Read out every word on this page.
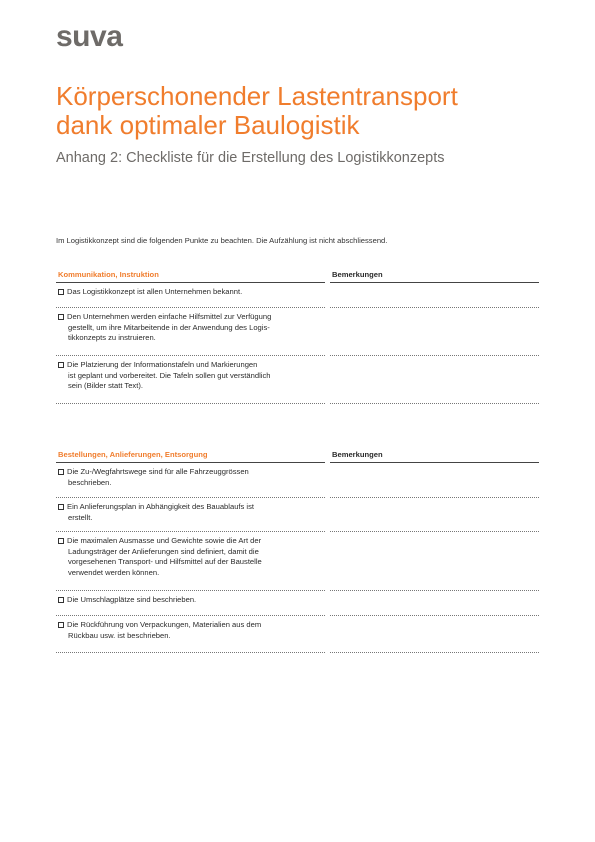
suva
Körperschonender Lastentransport
dank optimaler Baulogistik
Anhang 2: Checkliste für die Erstellung des Logistikkonzepts
Im Logistikkonzept sind die folgenden Punkte zu beachten. Die Aufzählung ist nicht abschliessend.
Kommunikation, Instruktion	Bemerkungen
Das Logistikkonzept ist allen Unternehmen bekannt.
Den Unternehmen werden einfache Hilfsmittel zur Verfügung
gestellt, um ihre Mitarbeitende in der Anwendung des Logis-
tikkonzepts zu instruieren.
Die Platzierung der Informationstafeln und Markierungen
ist geplant und vorbereitet. Die Tafeln sollen gut verständlich
sein (Bilder statt Text).
Bestellungen, Anlieferungen, Entsorgung	Bemerkungen
Die Zu-/Wegfahrtswege sind für alle Fahrzeuggrössen
beschrieben.
Ein Anlieferungsplan in Abhängigkeit des Bauablaufs ist
erstellt.
Die maximalen Ausmasse und Gewichte sowie die Art der
Ladungsträger der Anlieferungen sind definiert, damit die
vorgesehenen Transport- und Hilfsmittel auf der Baustelle
verwendet werden können.
Die Umschlagplätze sind beschrieben.
Die Rückführung von Verpackungen, Materialien aus dem
Rückbau usw. ist beschrieben.
